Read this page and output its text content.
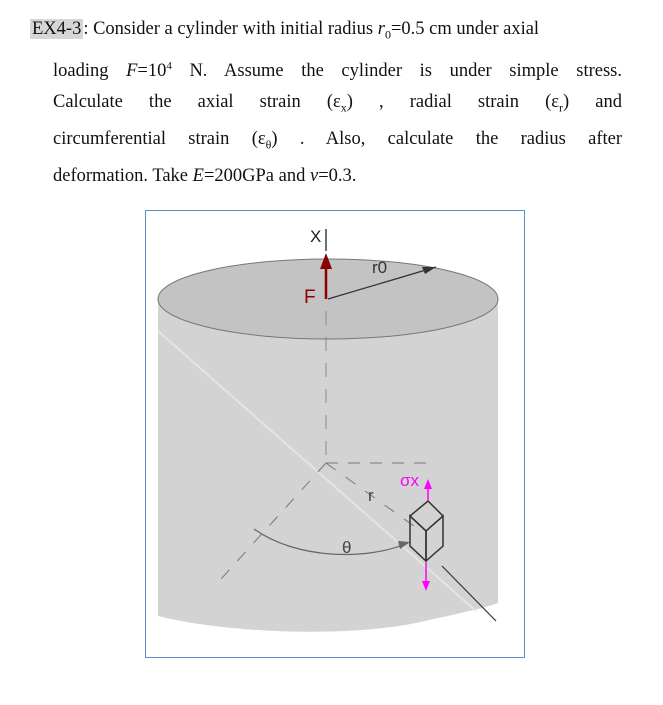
EX4-3 : Consider a cylinder with initial radius $r_0=0.5$ cm under axial
loading $F=10^4$ N. Assume the cylinder is under simple stress.
Calculate the axial strain $(\varepsilon_x)$ , radial strain $(\varepsilon_r)$ and
circumferential strain $(\varepsilon_\theta)$ . Also, calculate the radius after
deformation. Take E=200GPa and ν=0.3.
X
F
r0
r
θ
σx
